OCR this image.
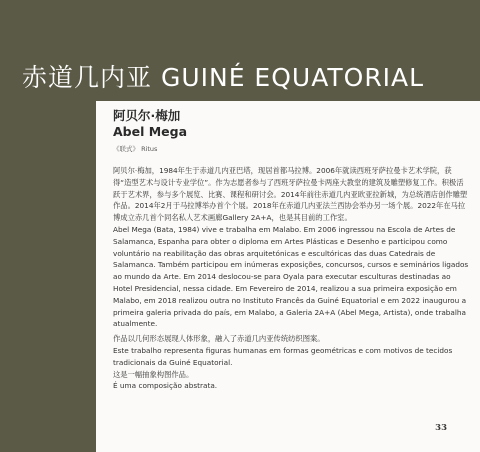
赤道几内亚 GUINÉ EQUATORIAL
阿贝尔·梅加
Abel Mega
《联式》 Ritus

阿贝尔·梅加，1984年生于赤道几内亚巴塔，现居首都马拉博。2006年就读西班牙萨拉曼卡艺术学院，获得“造型艺术与设计专业学位”。作为志愿者参与了西班牙萨拉曼卡两座大教堂的建筑及雕塑修复工作。积极活跃于艺术界，参与多个展览、比赛、课程和研讨会。2014年前往赤道几内亚欧亚拉新城，为总统酒店创作雕塑作品。2014年2月于马拉博举办首个个展。2018年在赤道几内亚法兰西协会举办另一场个展。2022年在马拉博成立赤几首个同名私人艺术画廊Gallery 2A+A，也是其目前的工作室。

Abel Mega (Bata, 1984) vive e trabalha em Malabo. Em 2006 ingressou na Escola de Artes de Salamanca, Espanha para obter o diploma em Artes Plásticas e Desenho e participou como voluntário na reabilitação das obras arquitetónicas e escultóricas das duas Catedrais de Salamanca. Também participou em inúmeras exposições, concursos, cursos e seminários ligados ao mundo da Arte. Em 2014 deslocou-se para Oyala para executar esculturas destinadas ao Hotel Presidencial, nessa cidade. Em Fevereiro de 2014, realizou a sua primeira exposição em Malabo, em 2018 realizou outra no Instituto Francês da Guiné Equatorial e em 2022 inaugurou a primeira galeria privada do país, em Malabo, a Galeria 2A+A (Abel Mega, Artista), onde trabalha atualmente.

作品以几何形态展现人体形象，融入了赤道几内亚传统纺织图案。

Este trabalho representa figuras humanas em formas geométricas e com motivos de tecidos tradicionais da Guiné Equatorial.

这是一幅抽象构图作品。

É uma composição abstrata.

33
